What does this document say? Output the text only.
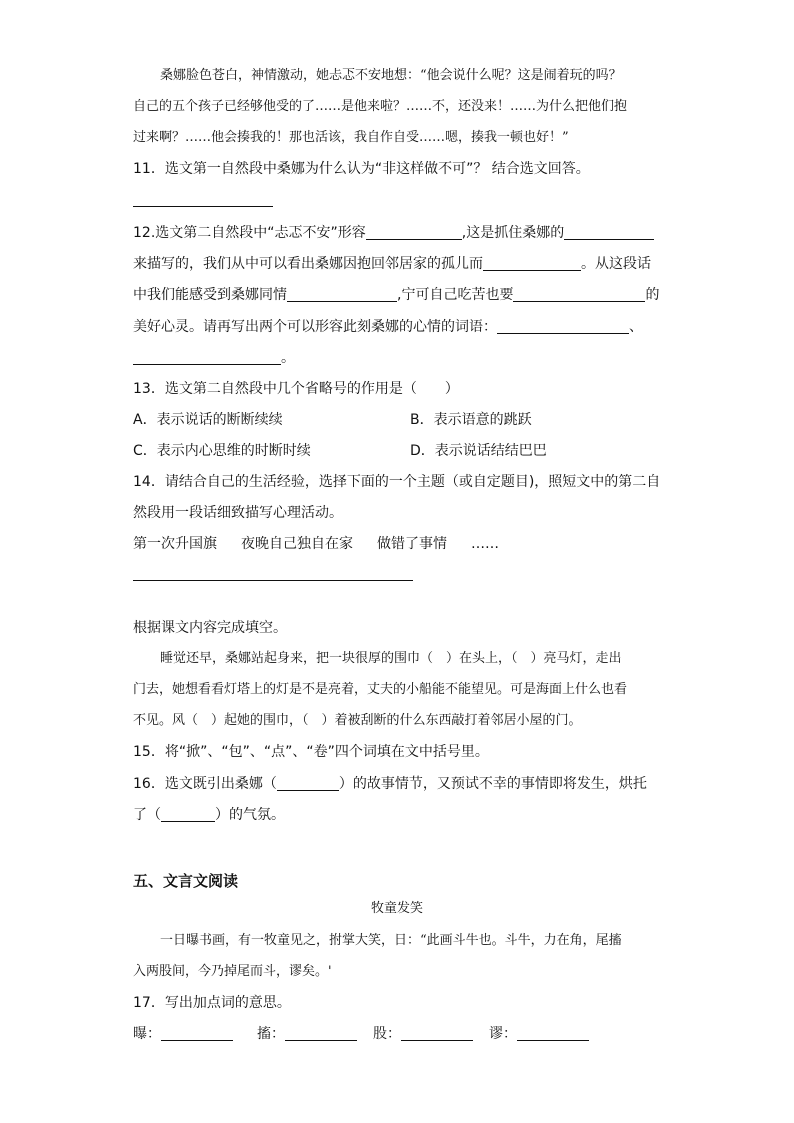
桑娜脸色苍白，神情激动，她忐忑不安地想：“他会说什么呢？这是闹着玩的吗？
自己的五个孩子已经够他受的了……是他来啦？……不，还没来！……为什么把他们抱
过来啊？……他会揍我的！那也活该，我自作自受……嗯，揍我一顿也好！”
11．选文第一自然段中桑娜为什么认为“非这样做不可”？ 结合选文回答。
12.选文第二自然段中“忐忑不安”形容	,这是抓住桑娜的
来描写的，我们从中可以看出桑娜因抱回邻居家的孤儿而	。从这段话
中我们能感受到桑娜同情	,宁可自己吃苦也要	的
美好心灵。请再写出两个可以形容此刻桑娜的心情的词语：	、
。
13．选文第二自然段中几个省略号的作用是（　　）
A．表示说话的断断续续	B．表示语意的跳跃
C．表示内心思维的时断时续	D．表示说话结结巴巴
14．请结合自己的生活经验，选择下面的一个主题（或自定题目)，照短文中的第二自
然段用一段话细致描写心理活动。
第一次升国旗 夜晚自己独自在家 做错了事情 ……
根据课文内容完成填空。
睡觉还早，桑娜站起身来，把一块很厚的围巾（　）在头上，（　）亮马灯，走出
门去，她想看看灯塔上的灯是不是亮着，丈夫的小船能不能望见。可是海面上什么也看
不见。风（　）起她的围巾，（　）着被刮断的什么东西敲打着邻居小屋的门。
15．将“掀”、“包”、“点”、“卷”四个词填在文中括号里。
16．选文既引出桑娜（	）的故事情节，又预试不幸的事情即将发生，烘托
了（	）的气氛。
五、文言文阅读
牧童发笑
一日曝书画，有一牧童见之，拊掌大笑，日：“此画斗牛也。斗牛，力在角，尾搐
入两股间，今乃掉尾而斗，谬矣。'
17．写出加点词的意思。
曝：	搐：	股：	谬：
